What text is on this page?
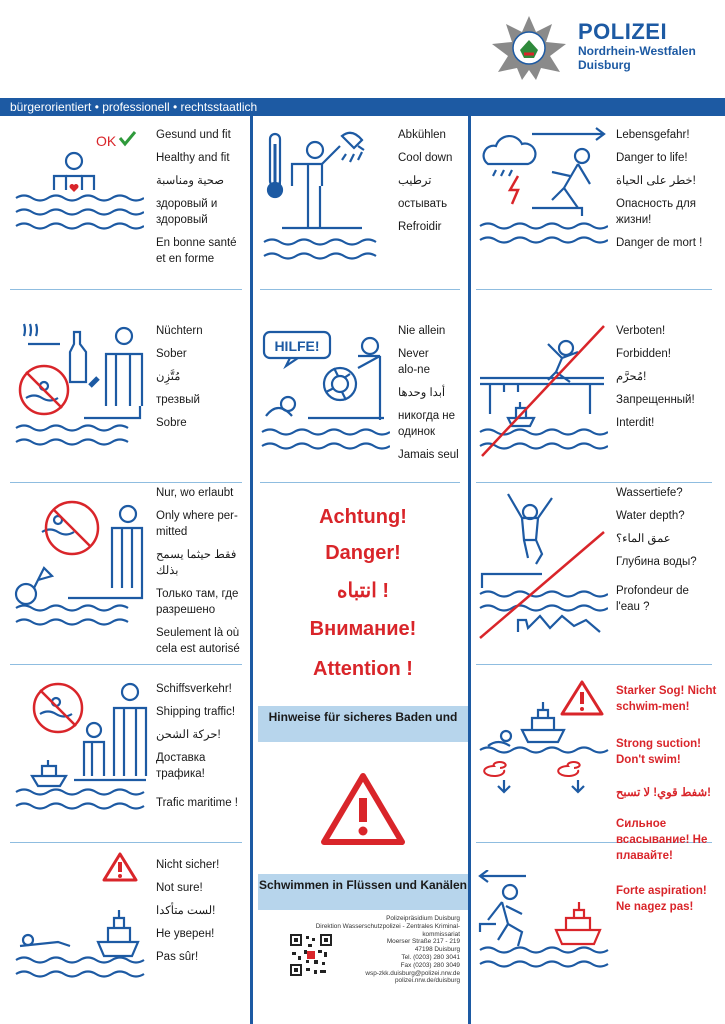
POLIZEI
Nordrhein-Westfalen
Duisburg
bürgerorientiert • professionell • rechtsstaatlich
OK	Gesund und fit
Healthy and fit
صحية ومناسبة
здоровый и здоровый
En bonne santé et en forme
Abkühlen
Cool down
ترطيب
остывать
Refroidir
Lebensgefahr!
Danger to life!
خطر على الحياة!
Опасность для жизни!
Danger de mort !
Nüchtern
Sober
مُتَّزِن
трезвый
Sobre
HILFE!
Nie allein
Never alo-ne
أبدا وحدها
никогда не одинок
Jamais seul
Verboten!
Forbidden!
مُحرَّم!
Запрещенный!
Interdit!
Nur, wo erlaubt
Only where per-mitted
فقط حيثما يسمح بذلك
Только там, где разрешено
Seulement là où cela est autorisé
Achtung!
Danger!
انتباه !
Внимание!
Attention !
Hinweise für sicheres Baden und
Schwimmen in Flüssen und Kanälen
Polizeipräsidium Duisburg
Direktion Wasserschutzpolizei - Zentrales Kriminal-
kommissariat
Moerser Straße 217 - 219
47198 Duisburg
Tel. (0203) 280 3041
Fax (0203) 280 3049
wsp-zkk.duisburg@polizei.nrw.de
polizei.nrw.de/duisburg
Wassertiefe?
Water depth?
عمق الماء؟
Глубина воды?
Profondeur de l'eau ?
Schiffsverkehr!
Shipping traffic!
حركة الشحن!
Доставка трафика!
Trafic maritime !
Starker Sog! Nicht schwim-men!
Strong suction! Don't swim!
شفط قوي! لا تسبح!
Сильное всасывание! Не плавайте!
Forte aspiration! Ne nagez pas!
Nicht sicher!
Not sure!
لست متأكدا!
Не уверен!
Pas sûr!
